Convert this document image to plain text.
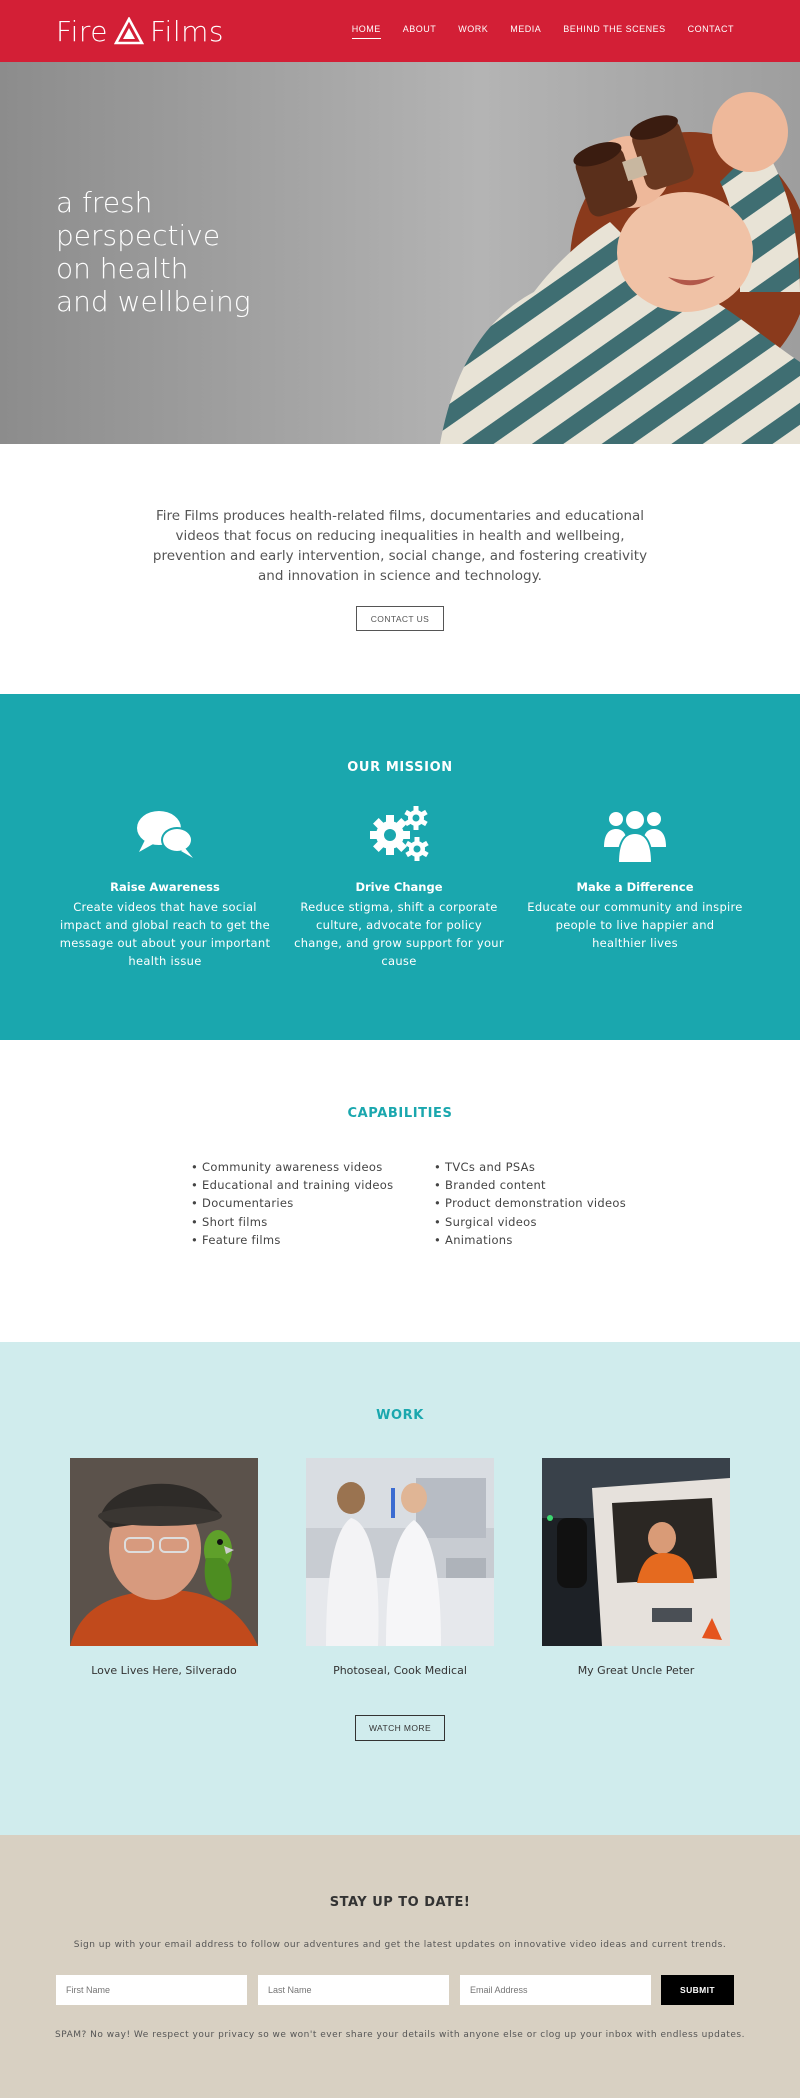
Fire Films	HOME ABOUT WORK MEDIA BEHIND THE SCENES CONTACT
a fresh
perspective
on health
and wellbeing

Fire Films produces health-related films, documentaries and educational videos that focus on reducing inequalities in health and wellbeing, prevention and early intervention, social change, and fostering creativity and innovation in science and technology.

CONTACT US
OUR MISSION
Raise Awareness

Create videos that have social impact and global reach to get the message out about your important health issue

Drive Change

Reduce stigma, shift a corporate culture, advocate for policy change, and grow support for your cause

Make a Difference

Educate our community and inspire people to live happier and healthier lives

CAPABILITIES
• Community awareness videos
• Educational and training videos
• Documentaries
• Short films
• Feature films
• TVCs and PSAs
• Branded content
• Product demonstration videos
• Surgical videos
• Animations
WORK
Love Lives Here, Silverado	Photoseal, Cook Medical	My Great Uncle Peter
WATCH MORE
STAY UP TO DATE!
Sign up with your email address to follow our adventures and get the latest updates on innovative video ideas and current trends.
First Name
Last Name
Email Address
SUBMIT
SPAM? No way! We respect your privacy so we won't ever share your details with anyone else or clog up your inbox with endless updates.
